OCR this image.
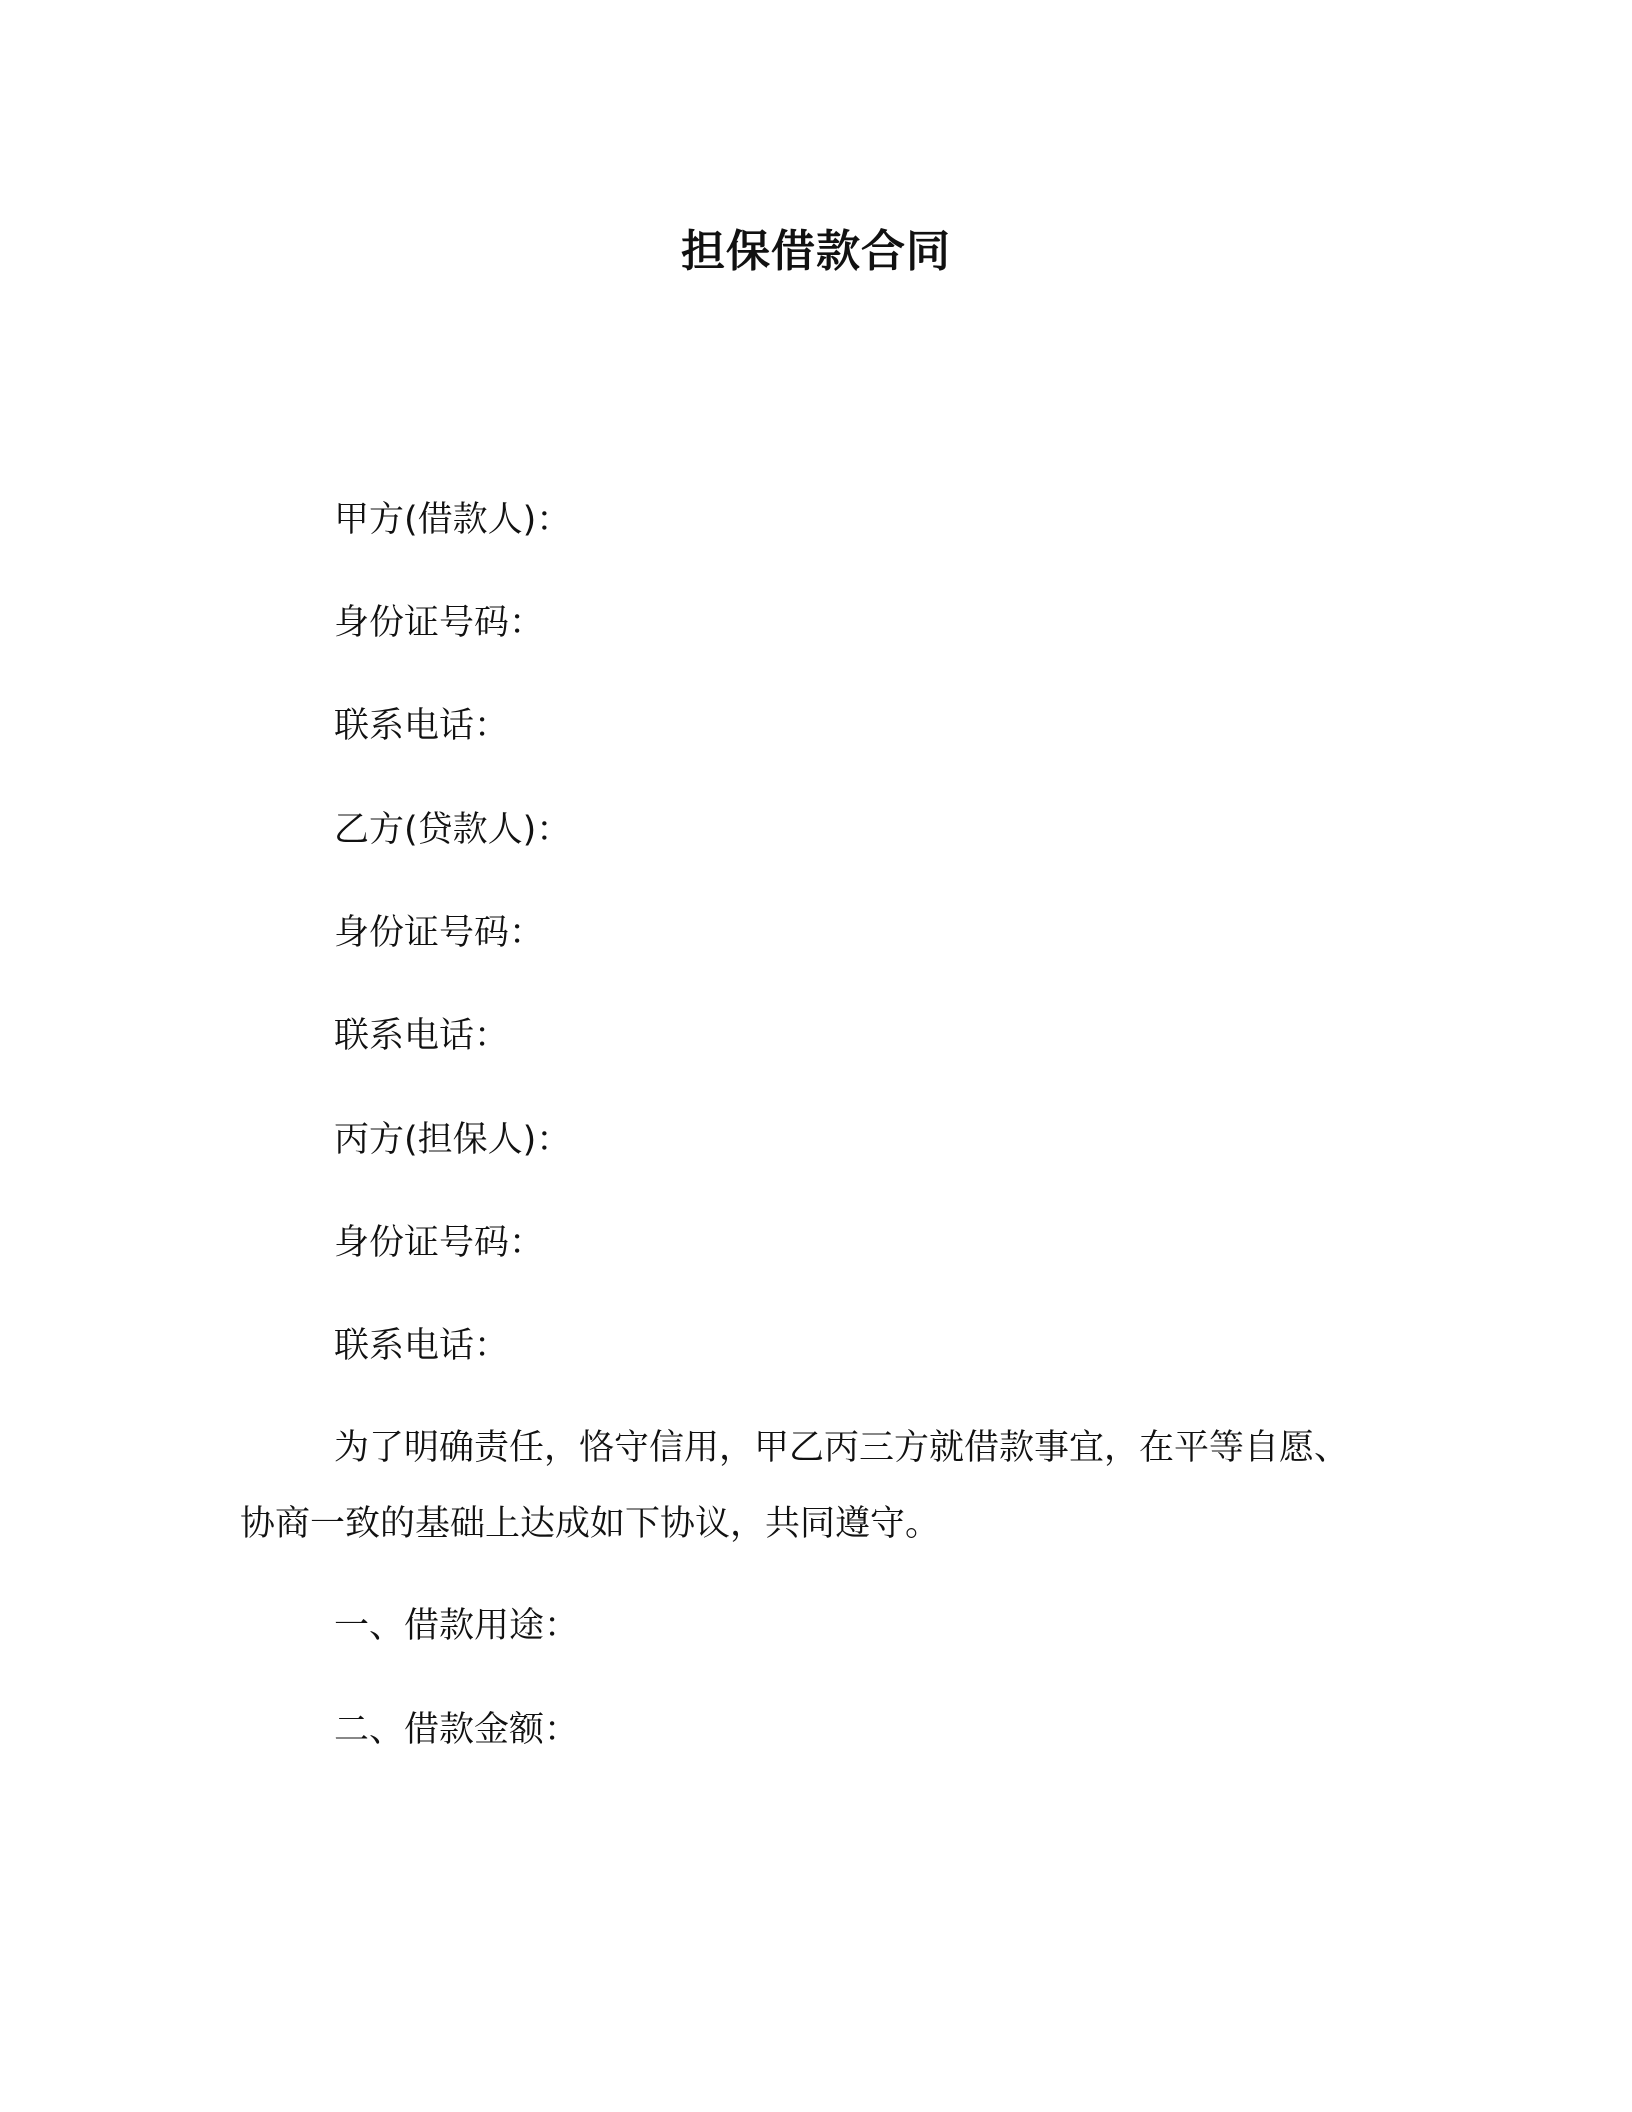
担保借款合同
甲方(借款人)：
身份证号码：
联系电话：
乙方(贷款人)：
身份证号码：
联系电话：
丙方(担保人)：
身份证号码：
联系电话：
为了明确责任，恪守信用，甲乙丙三方就借款事宜，在平等自愿、
协商一致的基础上达成如下协议，共同遵守。
一、借款用途：
二、借款金额：
